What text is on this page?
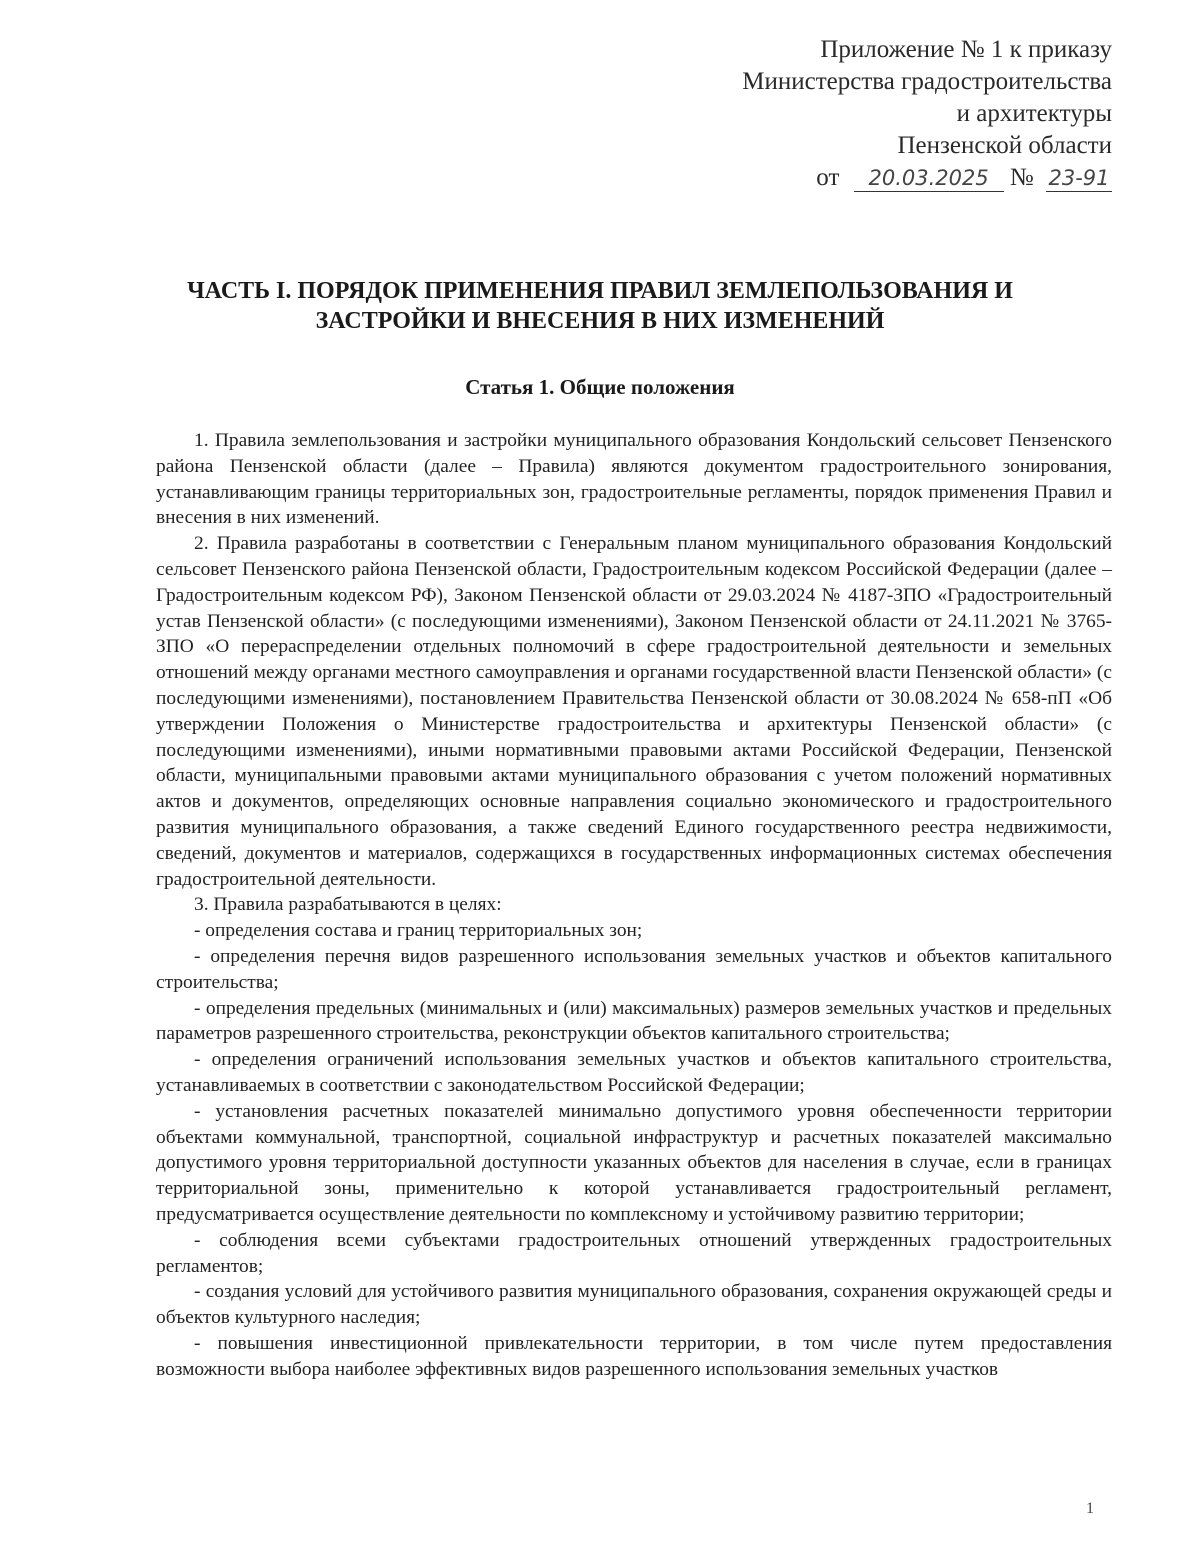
Приложение № 1 к приказу
Министерства градостроительства
и архитектуры
Пензенской области
от 20.03.2025 № 23-91
ЧАСТЬ I. ПОРЯДОК ПРИМЕНЕНИЯ ПРАВИЛ ЗЕМЛЕПОЛЬЗОВАНИЯ И
ЗАСТРОЙКИ И ВНЕСЕНИЯ В НИХ ИЗМЕНЕНИЙ
Статья 1. Общие положения

1. Правила землепользования и застройки муниципального образования Кондольский сельсовет Пензенского района Пензенской области (далее – Правила) являются документом градостроительного зонирования, устанавливающим границы территориальных зон, градостроительные регламенты, порядок применения Правил и внесения в них изменений.

2. Правила разработаны в соответствии с Генеральным планом муниципального образования Кондольский сельсовет Пензенского района Пензенской области, Градостроительным кодексом Российской Федерации (далее – Градостроительным кодексом РФ), Законом Пензенской области от 29.03.2024 № 4187-ЗПО «Градостроительный устав Пензенской области» (с последующими изменениями), Законом Пензенской области от 24.11.2021 № 3765-ЗПО «О перераспределении отдельных полномочий в сфере градостроительной деятельности и земельных отношений между органами местного самоуправления и органами государственной власти Пензенской области» (с последующими изменениями), постановлением Правительства Пензенской области от 30.08.2024 № 658-пП «Об утверждении Положения о Министерстве градостроительства и архитектуры Пензенской области» (с последующими изменениями), иными нормативными правовыми актами Российской Федерации, Пензенской области, муниципальными правовыми актами муниципального образования с учетом положений нормативных актов и документов, определяющих основные направления социально экономического и градостроительного развития муниципального образования, а также сведений Единого государственного реестра недвижимости, сведений, документов и материалов, содержащихся в государственных информационных системах обеспечения градостроительной деятельности.

3. Правила разрабатываются в целях:

- определения состава и границ территориальных зон;

- определения перечня видов разрешенного использования земельных участков и объектов капитального строительства;

- определения предельных (минимальных и (или) максимальных) размеров земельных участков и предельных параметров разрешенного строительства, реконструкции объектов капитального строительства;

- определения ограничений использования земельных участков и объектов капитального строительства, устанавливаемых в соответствии с законодательством Российской Федерации;

- установления расчетных показателей минимально допустимого уровня обеспеченности территории объектами коммунальной, транспортной, социальной инфраструктур и расчетных показателей максимально допустимого уровня территориальной доступности указанных объектов для населения в случае, если в границах территориальной зоны, применительно к которой устанавливается градостроительный регламент, предусматривается осуществление деятельности по комплексному и устойчивому развитию территории;

- соблюдения всеми субъектами градостроительных отношений утвержденных градостроительных регламентов;

- создания условий для устойчивого развития муниципального образования, сохранения окружающей среды и объектов культурного наследия;

- повышения инвестиционной привлекательности территории, в том числе путем предоставления возможности выбора наиболее эффективных видов разрешенного использования земельных участков

1
